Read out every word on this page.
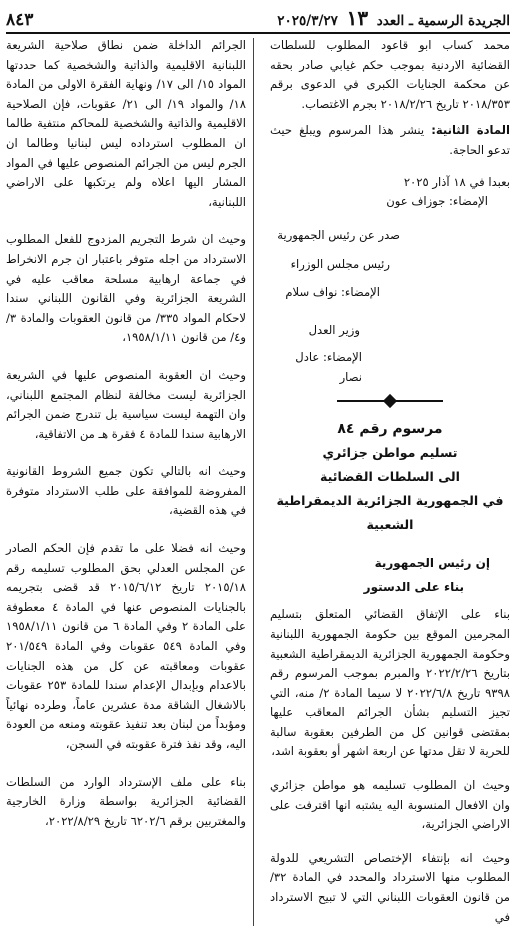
الجريدة الرسمية ـ العدد ١٣ ٢٠٢٥/٣/٢٧
٨٤٣

محمد كساب ابو قاعود المطلوب للسلطات القضائية الاردنية بموجب حكم غيابي صادر بحقه عن محكمة الجنايات الكبرى في الدعوى برقم ٢٠١٨/٣٥٣ تاريخ ٢٠١٨/٢/٢٦ بجرم الاغتصاب.

المادة الثانية: ينشر هذا المرسوم ويبلغ حيث تدعو الحاجة.

بعبدا في ١٨ آذار ٢٠٢٥
الإمضاء: جوزاف عون
صدر عن رئيس الجمهورية
رئيس مجلس الوزراء
الإمضاء: نواف سلام
وزير العدل
الإمضاء: عادل نصار
مرسوم رقم ٨٤
تسليم مواطن جزائري
الى السلطات القضائية
في الجمهورية الجزائرية الديمقراطية الشعبية
إن رئيس الجمهورية
بناء على الدستور

بناء على الإتفاق القضائي المتعلق بتسليم المجرمين الموقع بين حكومة الجمهورية اللبنانية وحكومة الجمهورية الجزائرية الديمقراطية الشعبية بتاريخ ٢٠٢٢/٢/٢٦ والمبرم بموجب المرسوم رقم ٩٣٩٨ تاريخ ٢٠٢٢/٦/٨ لا سيما المادة ٢/ منه، التي تجيز التسليم بشأن الجرائم المعاقب عليها بمقتضى قوانين كل من الطرفين بعقوبة سالبة للحرية لا تقل مدتها عن اربعة اشهر أو بعقوبة اشد،

وحيث ان المطلوب تسليمه هو مواطن جزائري وان الافعال المنسوبة اليه يشتبه انها اقترفت على الاراضي الجزائرية،

وحيث انه بإنتفاء الإختصاص التشريعي للدولة المطلوب منها الاسترداد والمحدد في المادة ٣٢/ من قانون العقوبات اللبناني التي لا تبيح الاسترداد في

الجرائم الداخلة ضمن نطاق صلاحية الشريعة اللبنانية الاقليمية والذاتية والشخصية كما حددتها المواد ١٥/ الى ١٧/ ونهاية الفقرة الاولى من المادة ١٨/ والمواد ١٩/ الى ٢١/ عقوبات، فإن الصلاحية الاقليمية والذاتية والشخصية للمحاكم منتفية طالما ان المطلوب استرداده ليس لبنانيا وطالما ان الجرم ليس من الجرائم المنصوص عليها في المواد المشار اليها اعلاه ولم يرتكبها على الاراضي اللبنانية،

وحيث ان شرط التجريم المزدوج للفعل المطلوب الاسترداد من اجله متوفر باعتبار ان جرم الانخراط في جماعة ارهابية مسلحة معاقب عليه في الشريعة الجزائرية وفي القانون اللبناني سندا لاحكام المواد ٣٣٥/ من قانون العقوبات والمادة ٣/ و٤/ من قانون ١٩٥٨/١/١١،

وحيث ان العقوبة المنصوص عليها في الشريعة الجزائرية ليست مخالفة لنظام المجتمع اللبناني، وان التهمة ليست سياسية بل تندرج ضمن الجرائم الارهابية سندا للمادة ٤ فقرة هـ من الاتفاقية،

وحيث انه بالتالي تكون جميع الشروط القانونية المفروضة للموافقة على طلب الاسترداد متوفرة في هذه القضية،

وحيث انه فضلا على ما تقدم فإن الحكم الصادر عن المجلس العدلي بحق المطلوب تسليمه رقم ٢٠١٥/١٨ تاريخ ٢٠١٥/٦/١٢ قد قضى بتجريمه بالجنايات المنصوص عنها في المادة ٤ معطوفة على المادة ٢ وفي المادة ٦ من قانون ١٩٥٨/١/١١ وفي المادة ٥٤٩ عقوبات وفي المادة ٢٠١/٥٤٩ عقوبات ومعاقبته عن كل من هذه الجنايات بالاعدام وبإبدال الإعدام سندا للمادة ٢٥٣ عقوبات بالاشغال الشاقة مدة عشرين عاماً، وطرده نهائياً ومؤبداً من لبنان بعد تنفيذ عقوبته ومنعه من العودة اليه، وقد نفذ فترة عقوبته في السجن،

بناء على ملف الإسترداد الوارد من السلطات القضائية الجزائرية بواسطة وزارة الخارجية والمغتربين برقم ٦٢٠٢/٦ تاريخ ٢٠٢٢/٨/٢٩،
